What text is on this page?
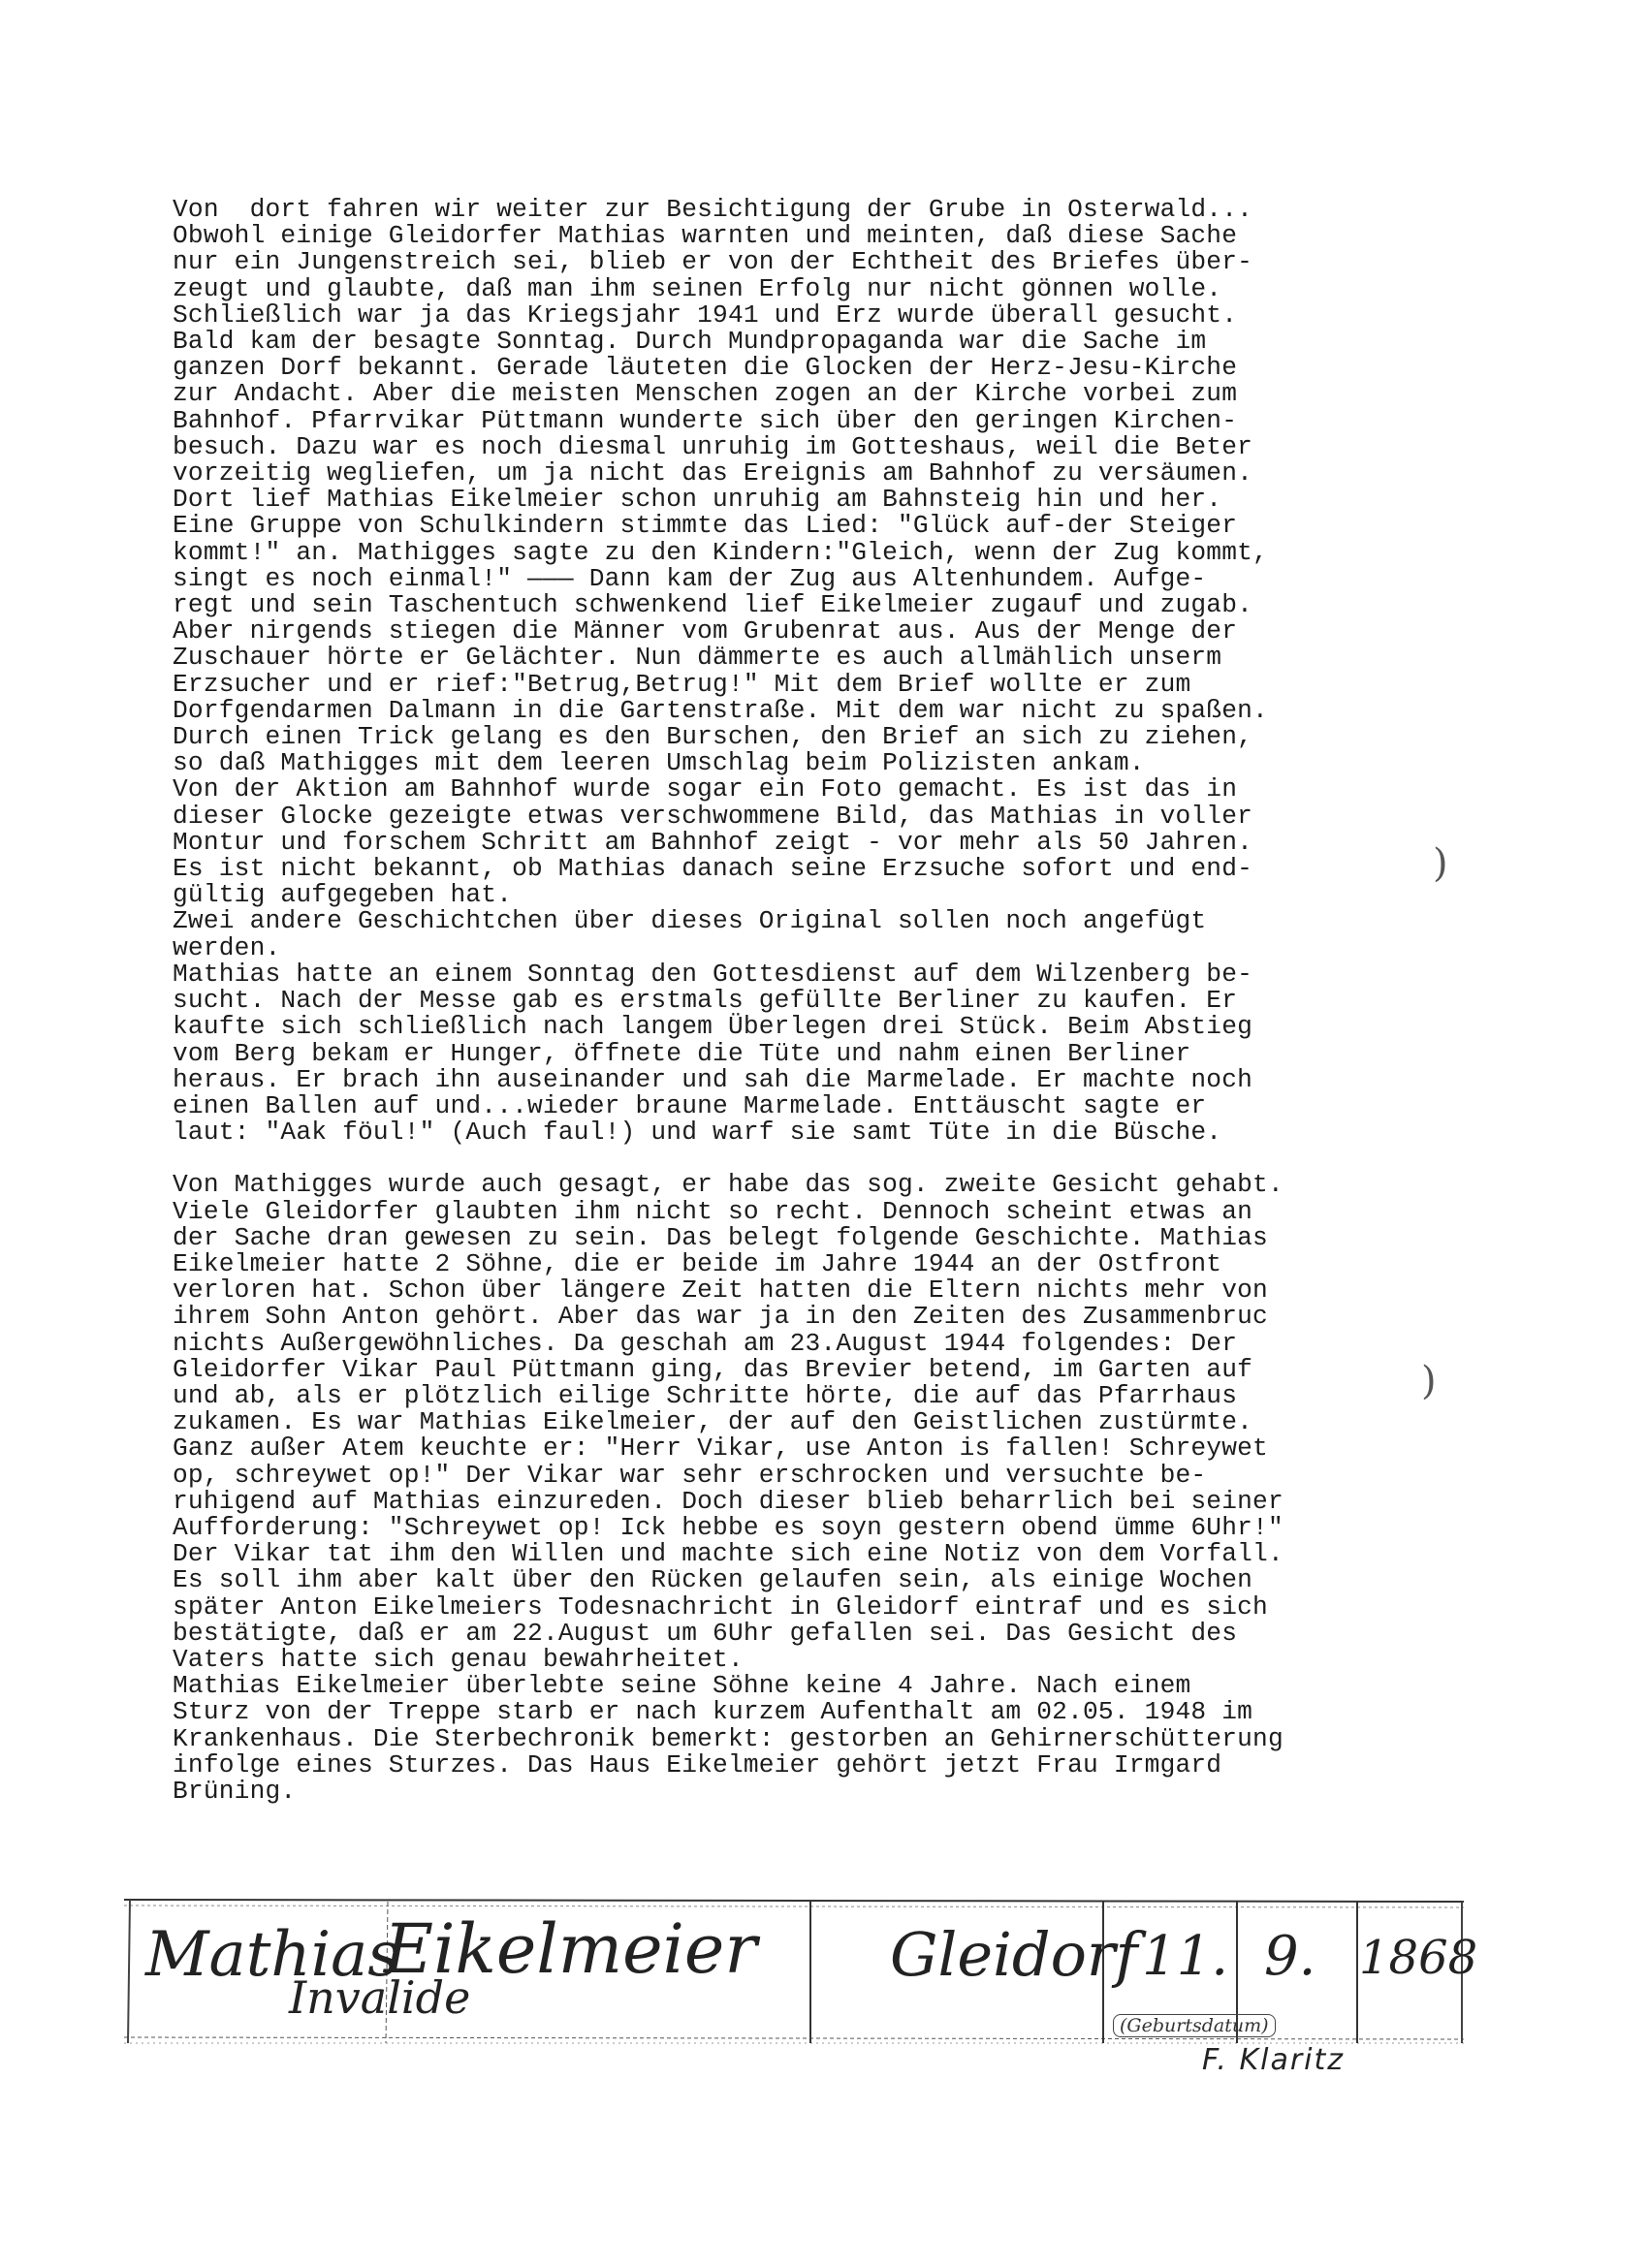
Von  dort fahren wir weiter zur Besichtigung der Grube in Osterwald...
Obwohl einige Gleidorfer Mathias warnten und meinten, daß diese Sache
nur ein Jungenstreich sei, blieb er von der Echtheit des Briefes über-
zeugt und glaubte, daß man ihm seinen Erfolg nur nicht gönnen wolle.
Schließlich war ja das Kriegsjahr 1941 und Erz wurde überall gesucht.
Bald kam der besagte Sonntag. Durch Mundpropaganda war die Sache im
ganzen Dorf bekannt. Gerade läuteten die Glocken der Herz-Jesu-Kirche
zur Andacht. Aber die meisten Menschen zogen an der Kirche vorbei zum
Bahnhof. Pfarrvikar Püttmann wunderte sich über den geringen Kirchen-
besuch. Dazu war es noch diesmal unruhig im Gotteshaus, weil die Beter
vorzeitig wegliefen, um ja nicht das Ereignis am Bahnhof zu versäumen.
Dort lief Mathias Eikelmeier schon unruhig am Bahnsteig hin und her.
Eine Gruppe von Schulkindern stimmte das Lied: "Glück auf-der Steiger
kommt!" an. Mathigges sagte zu den Kindern:"Gleich, wenn der Zug kommt,
singt es noch einmal!" ——— Dann kam der Zug aus Altenhundem. Aufge-
regt und sein Taschentuch schwenkend lief Eikelmeier zugauf und zugab.
Aber nirgends stiegen die Männer vom Grubenrat aus. Aus der Menge der
Zuschauer hörte er Gelächter. Nun dämmerte es auch allmählich unserm
Erzsucher und er rief:"Betrug,Betrug!" Mit dem Brief wollte er zum
Dorfgendarmen Dalmann in die Gartenstraße. Mit dem war nicht zu spaßen.
Durch einen Trick gelang es den Burschen, den Brief an sich zu ziehen,
so daß Mathigges mit dem leeren Umschlag beim Polizisten ankam.
Von der Aktion am Bahnhof wurde sogar ein Foto gemacht. Es ist das in
dieser Glocke gezeigte etwas verschwommene Bild, das Mathias in voller
Montur und forschem Schritt am Bahnhof zeigt - vor mehr als 50 Jahren.
Es ist nicht bekannt, ob Mathias danach seine Erzsuche sofort und end-
gültig aufgegeben hat.
Zwei andere Geschichtchen über dieses Original sollen noch angefügt
werden.
Mathias hatte an einem Sonntag den Gottesdienst auf dem Wilzenberg be-
sucht. Nach der Messe gab es erstmals gefüllte Berliner zu kaufen. Er
kaufte sich schließlich nach langem Überlegen drei Stück. Beim Abstieg
vom Berg bekam er Hunger, öffnete die Tüte und nahm einen Berliner
heraus. Er brach ihn auseinander und sah die Marmelade. Er machte noch
einen Ballen auf und...wieder braune Marmelade. Enttäuscht sagte er
laut: "Aak föul!" (Auch faul!) und warf sie samt Tüte in die Büsche.
Von Mathigges wurde auch gesagt, er habe das sog. zweite Gesicht gehabt.
Viele Gleidorfer glaubten ihm nicht so recht. Dennoch scheint etwas an
der Sache dran gewesen zu sein. Das belegt folgende Geschichte. Mathias
Eikelmeier hatte 2 Söhne, die er beide im Jahre 1944 an der Ostfront
verloren hat. Schon über längere Zeit hatten die Eltern nichts mehr von
ihrem Sohn Anton gehört. Aber das war ja in den Zeiten des Zusammenbruc
nichts Außergewöhnliches. Da geschah am 23.August 1944 folgendes: Der
Gleidorfer Vikar Paul Püttmann ging, das Brevier betend, im Garten auf
und ab, als er plötzlich eilige Schritte hörte, die auf das Pfarrhaus
zukamen. Es war Mathias Eikelmeier, der auf den Geistlichen zustürmte.
Ganz außer Atem keuchte er: "Herr Vikar, use Anton is fallen! Schreywet
op, schreywet op!" Der Vikar war sehr erschrocken und versuchte be-
ruhigend auf Mathias einzureden. Doch dieser blieb beharrlich bei seiner
Aufforderung: "Schreywet op! Ick hebbe es soyn gestern obend ümme 6Uhr!"
Der Vikar tat ihm den Willen und machte sich eine Notiz von dem Vorfall.
Es soll ihm aber kalt über den Rücken gelaufen sein, als einige Wochen
später Anton Eikelmeiers Todesnachricht in Gleidorf eintraf und es sich
bestätigte, daß er am 22.August um 6Uhr gefallen sei. Das Gesicht des
Vaters hatte sich genau bewahrheitet.
Mathias Eikelmeier überlebte seine Söhne keine 4 Jahre. Nach einem
Sturz von der Treppe starb er nach kurzem Aufenthalt am 02.05. 1948 im
Krankenhaus. Die Sterbechronik bemerkt: gestorben an Gehirnerschütterung
infolge eines Sturzes. Das Haus Eikelmeier gehört jetzt Frau Irmgard
Brüning.
)
)
Mathias
Eikelmeier
Invalide
Gleidorf 11. 9. 1868
(Geburtsdatum)
F. Klaritz
